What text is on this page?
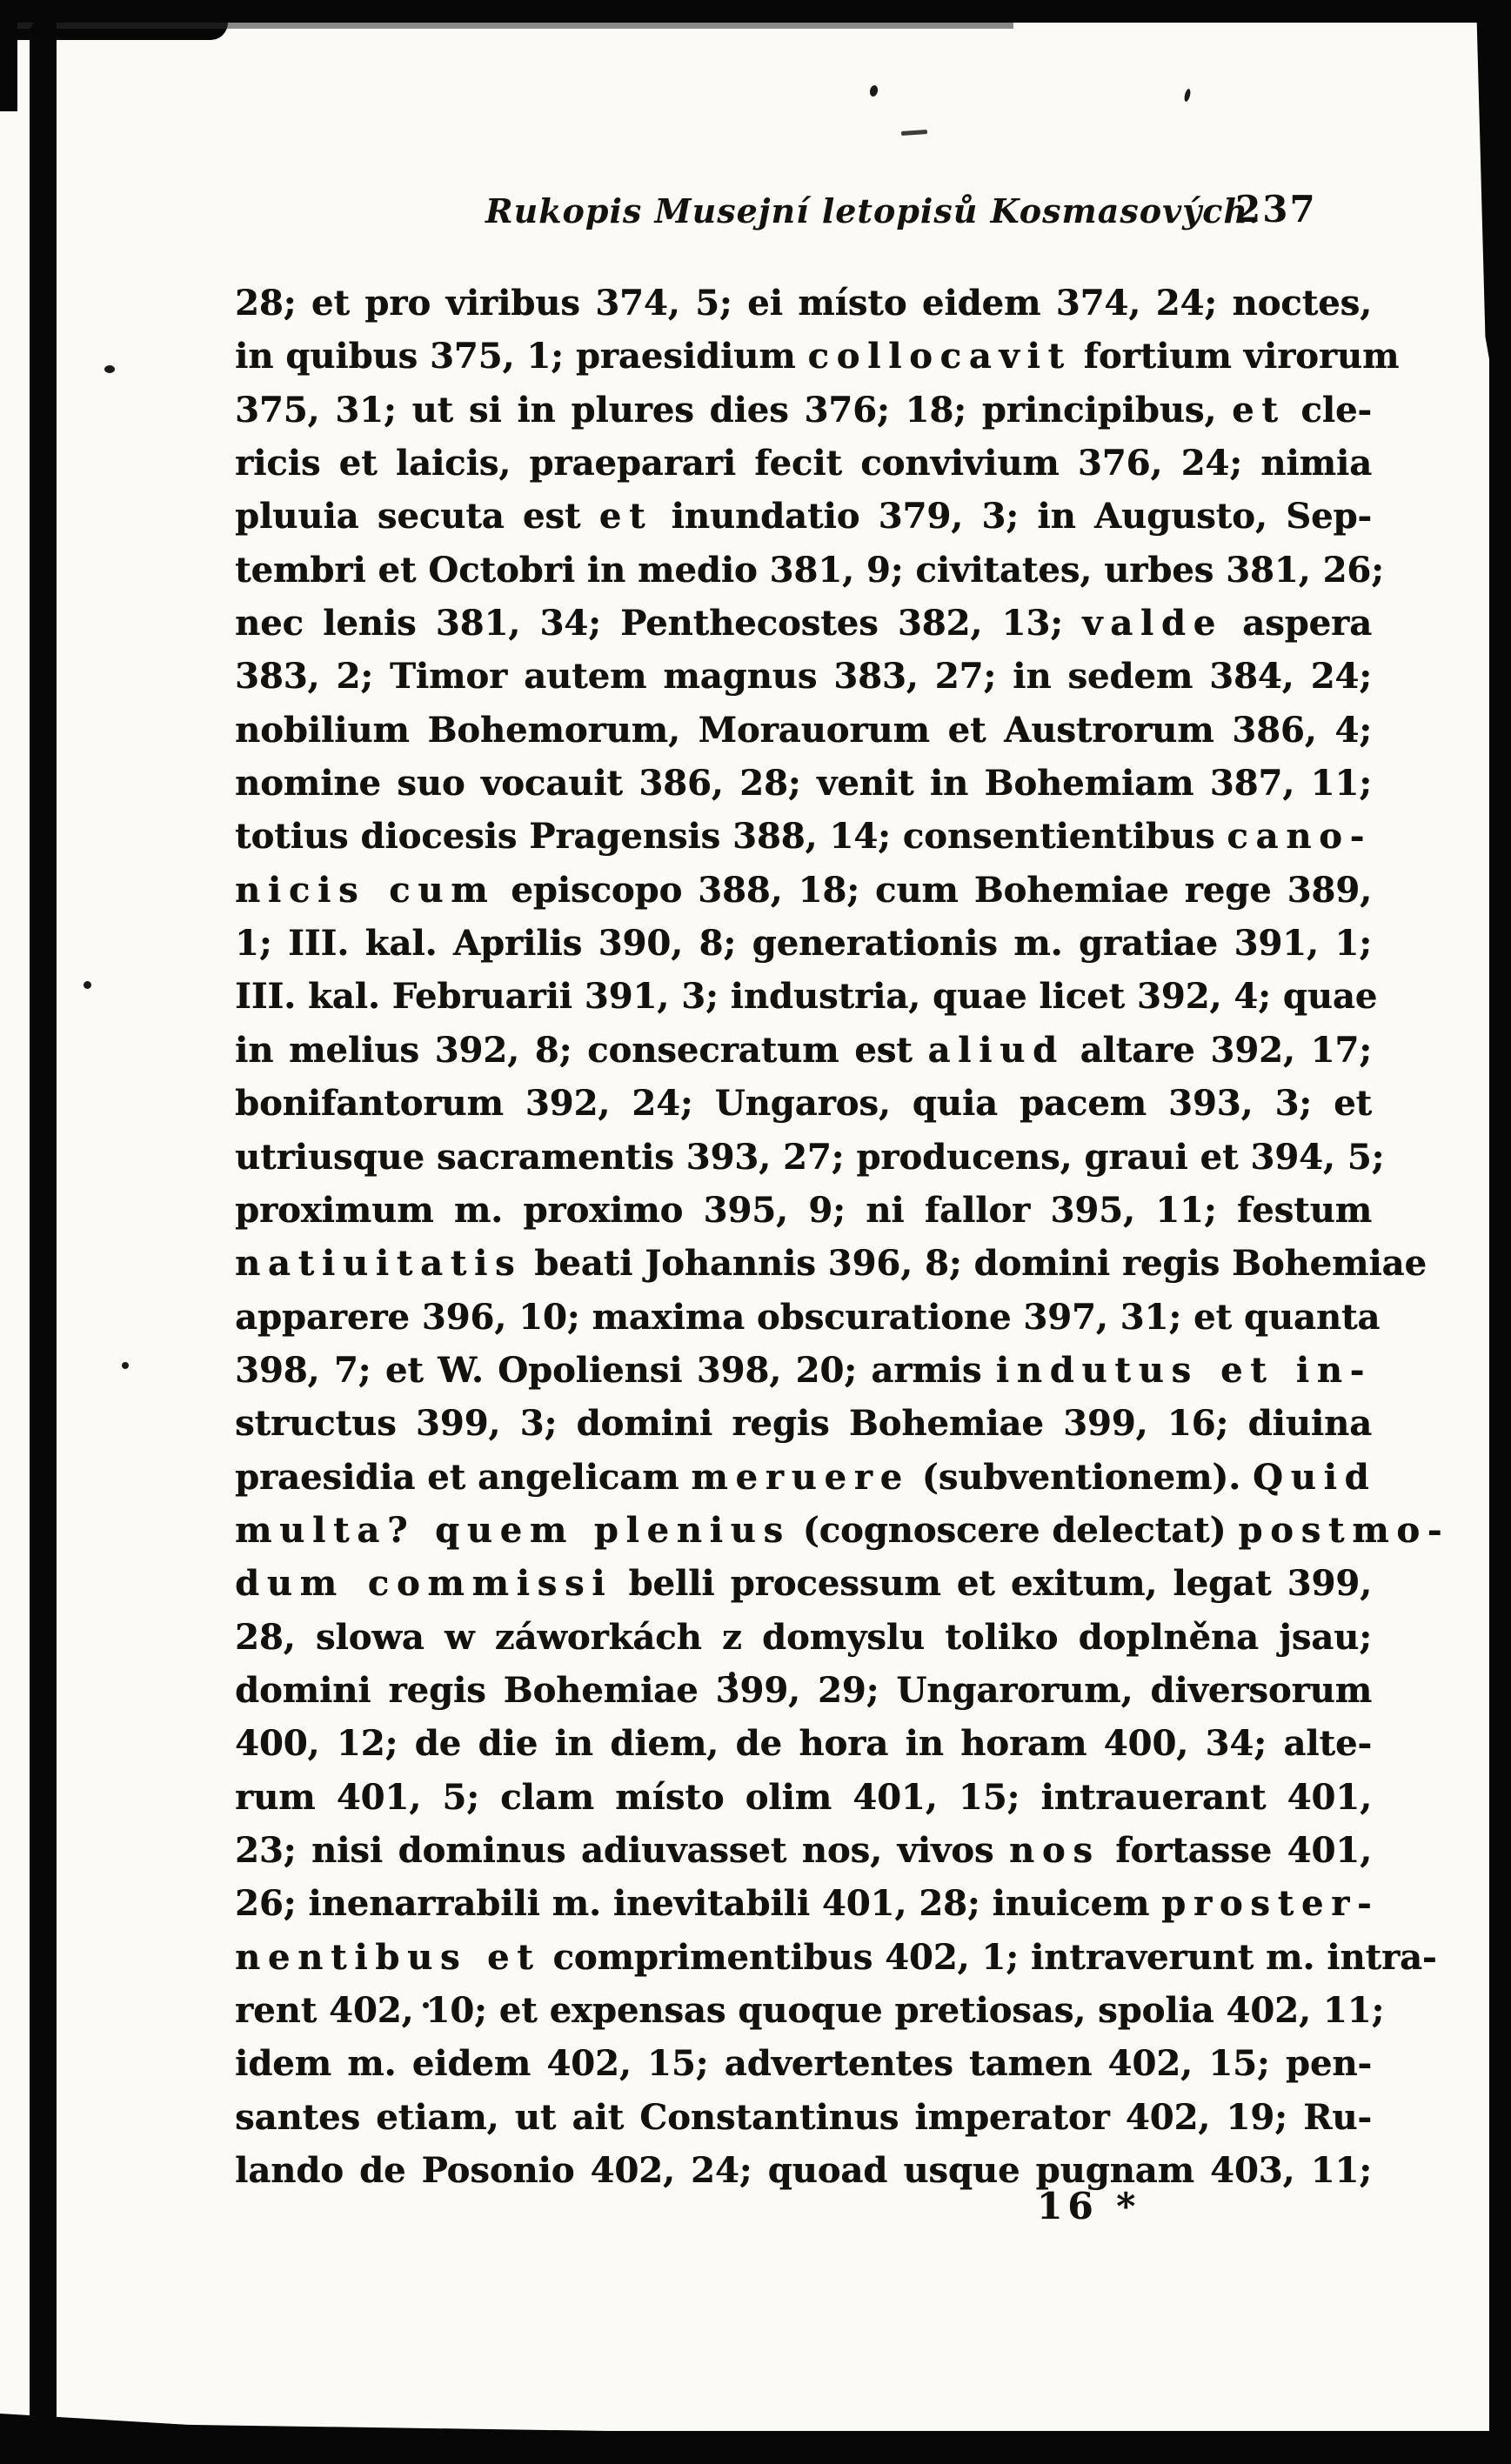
Rukopis Musejní letopisů Kosmasových.
237
28; et pro viribus 374, 5; ei místo eidem 374, 24; noctes,
in quibus 375, 1; praesidium collocavit fortium virorum
375, 31; ut si in plures dies 376; 18; principibus, et cle-
ricis et laicis, praeparari fecit convivium 376, 24; nimia
pluuia secuta est et inundatio 379, 3; in Augusto, Sep-
tembri et Octobri in medio 381, 9; civitates, urbes 381, 26;
nec lenis 381, 34; Penthecostes 382, 13; valde aspera
383, 2; Timor autem magnus 383, 27; in sedem 384, 24;
nobilium Bohemorum, Morauorum et Austrorum 386, 4;
nomine suo vocauit 386, 28; venit in Bohemiam 387, 11;
totius diocesis Pragensis 388, 14; consentientibus cano-
nicis cum episcopo 388, 18; cum Bohemiae rege 389,
1; III. kal. Aprilis 390, 8; generationis m. gratiae 391, 1;
III. kal. Februarii 391, 3; industria, quae licet 392, 4; quae
in melius 392, 8; consecratum est aliud altare 392, 17;
bonifantorum 392, 24; Ungaros, quia pacem 393, 3; et
utriusque sacramentis 393, 27; producens, graui et 394, 5;
proximum m. proximo 395, 9; ni fallor 395, 11; festum
natiuitatis beati Johannis 396, 8; domini regis Bohemiae
apparere 396, 10; maxima obscuratione 397, 31; et quanta
398, 7; et W. Opoliensi 398, 20; armis indutus et in-
structus 399, 3; domini regis Bohemiae 399, 16; diuina
praesidia et angelicam meruere (subventionem). Quid
multa? quem plenius (cognoscere delectat) postmo-
dum commissi belli processum et exitum, legat 399,
28, slowa w záworkách z domyslu toliko doplněna jsau;
domini regis Bohemiae 399, 29; Ungarorum, diversorum
400, 12; de die in diem, de hora in horam 400, 34; alte-
rum 401, 5; clam místo olim 401, 15; intrauerant 401,
23; nisi dominus adiuvasset nos, vivos nos fortasse 401,
26; inenarrabili m. inevitabili 401, 28; inuicem proster-
nentibus et comprimentibus 402, 1; intraverunt m. intra-
rent 402, 10; et expensas quoque pretiosas, spolia 402, 11;
idem m. eidem 402, 15; advertentes tamen 402, 15; pen-
santes etiam, ut ait Constantinus imperator 402, 19; Ru-
lando de Posonio 402, 24; quoad usque pugnam 403, 11;
16 *
